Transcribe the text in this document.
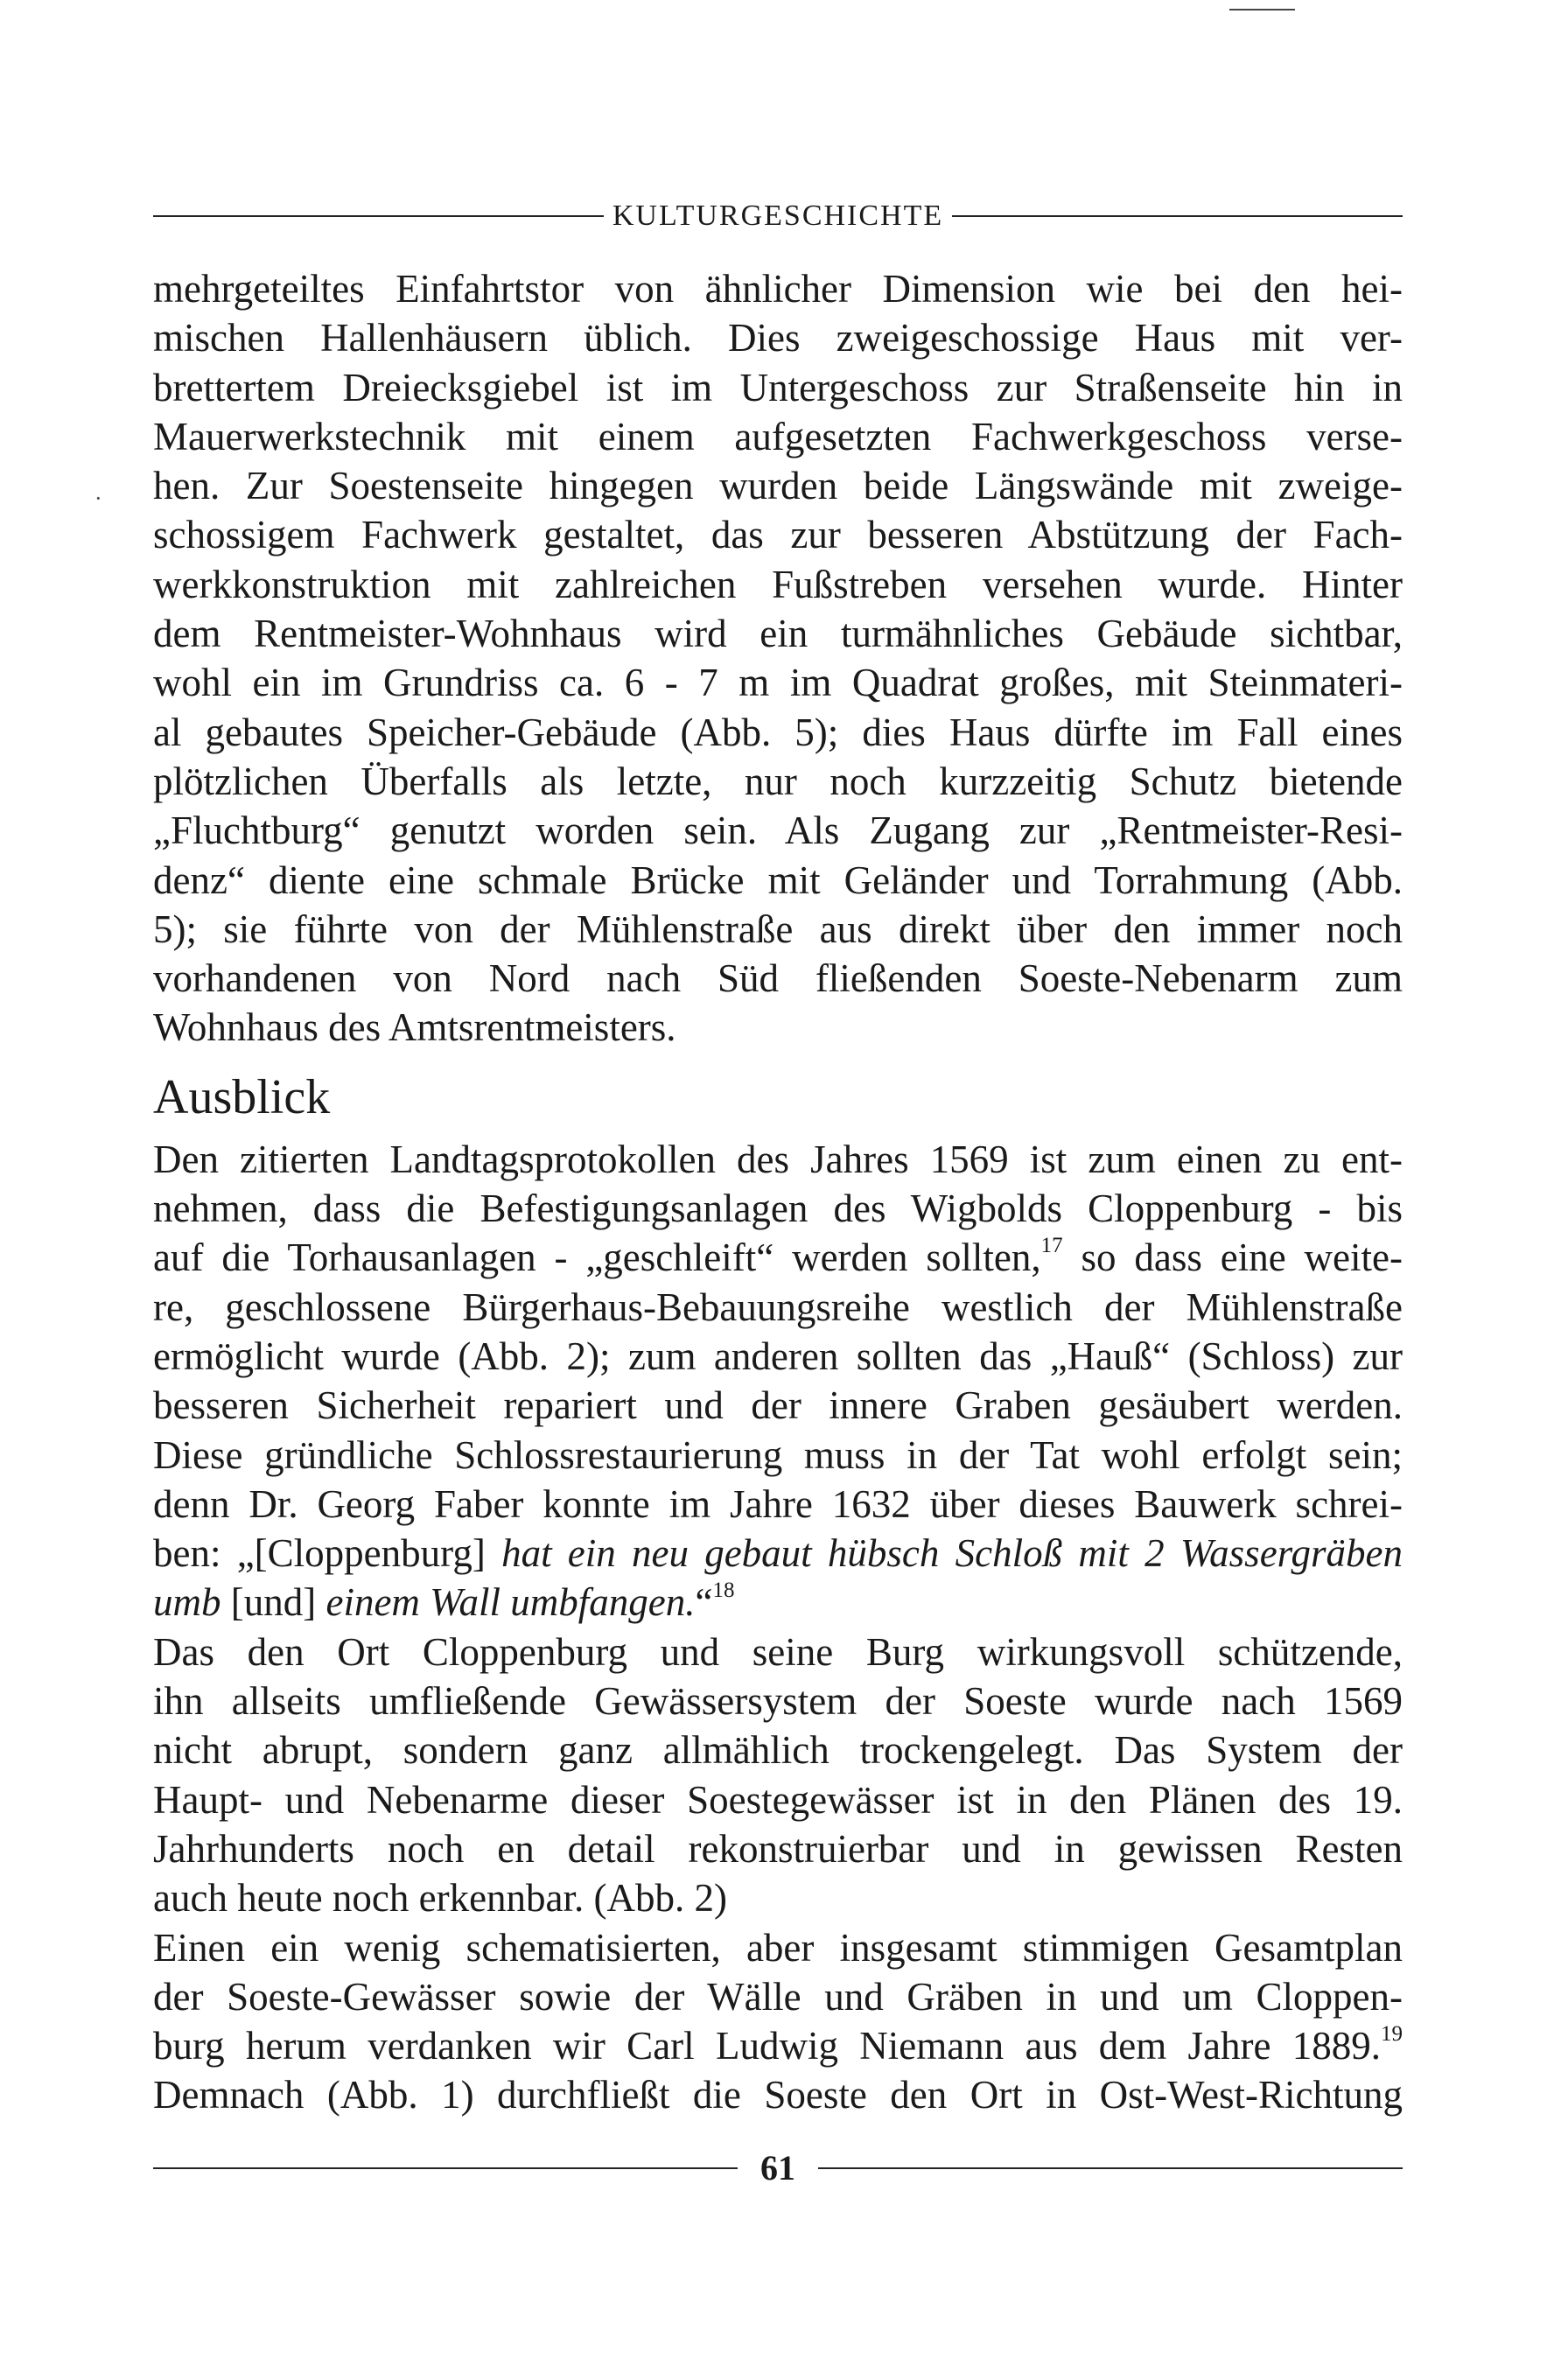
KULTURGESCHICHTE
·
mehrgeteiltes Einfahrtstor von ähnlicher Dimension wie bei den hei-
mischen Hallenhäusern üblich. Dies zweigeschossige Haus mit ver-
brettertem Dreiecksgiebel ist im Untergeschoss zur Straßenseite hin in
Mauerwerkstechnik mit einem aufgesetzten Fachwerkgeschoss verse-
hen. Zur Soestenseite hingegen wurden beide Längswände mit zweige-
schossigem Fachwerk gestaltet, das zur besseren Abstützung der Fach-
werkkonstruktion mit zahlreichen Fußstreben versehen wurde. Hinter
dem Rentmeister-Wohnhaus wird ein turmähnliches Gebäude sichtbar,
wohl ein im Grundriss ca. 6 - 7 m im Quadrat großes, mit Steinmateri-
al gebautes Speicher-Gebäude (Abb. 5); dies Haus dürfte im Fall eines
plötzlichen Überfalls als letzte, nur noch kurzzeitig Schutz bietende
„Fluchtburg“ genutzt worden sein. Als Zugang zur „Rentmeister-Resi-
denz“ diente eine schmale Brücke mit Geländer und Torrahmung (Abb.
5); sie führte von der Mühlenstraße aus direkt über den immer noch
vorhandenen von Nord nach Süd fließenden Soeste-Nebenarm zum
Wohnhaus des Amtsrentmeisters.
Ausblick
Den zitierten Landtagsprotokollen des Jahres 1569 ist zum einen zu ent-
nehmen, dass die Befestigungsanlagen des Wigbolds Cloppenburg - bis
auf die Torhausanlagen - „geschleift“ werden sollten,$^{17}$ so dass eine weite-
re, geschlossene Bürgerhaus-Bebauungsreihe westlich der Mühlenstraße
ermöglicht wurde (Abb. 2); zum anderen sollten das „Hauß“ (Schloss) zur
besseren Sicherheit repariert und der innere Graben gesäubert werden.
Diese gründliche Schlossrestaurierung muss in der Tat wohl erfolgt sein;
denn Dr. Georg Faber konnte im Jahre 1632 über dieses Bauwerk schrei-
ben: „[Cloppenburg] hat ein neu gebaut hübsch Schloß mit 2 Wassergräben
umb [und] einem Wall umbfangen.“$^{18}$
Das den Ort Cloppenburg und seine Burg wirkungsvoll schützende,
ihn allseits umfließende Gewässersystem der Soeste wurde nach 1569
nicht abrupt, sondern ganz allmählich trockengelegt. Das System der
Haupt- und Nebenarme dieser Soestegewässer ist in den Plänen des 19.
Jahrhunderts noch en detail rekonstruierbar und in gewissen Resten
auch heute noch erkennbar. (Abb. 2)
Einen ein wenig schematisierten, aber insgesamt stimmigen Gesamtplan
der Soeste-Gewässer sowie der Wälle und Gräben in und um Cloppen-
burg herum verdanken wir Carl Ludwig Niemann aus dem Jahre 1889.19
Demnach (Abb. 1) durchfließt die Soeste den Ort in Ost-West-Richtung
61
